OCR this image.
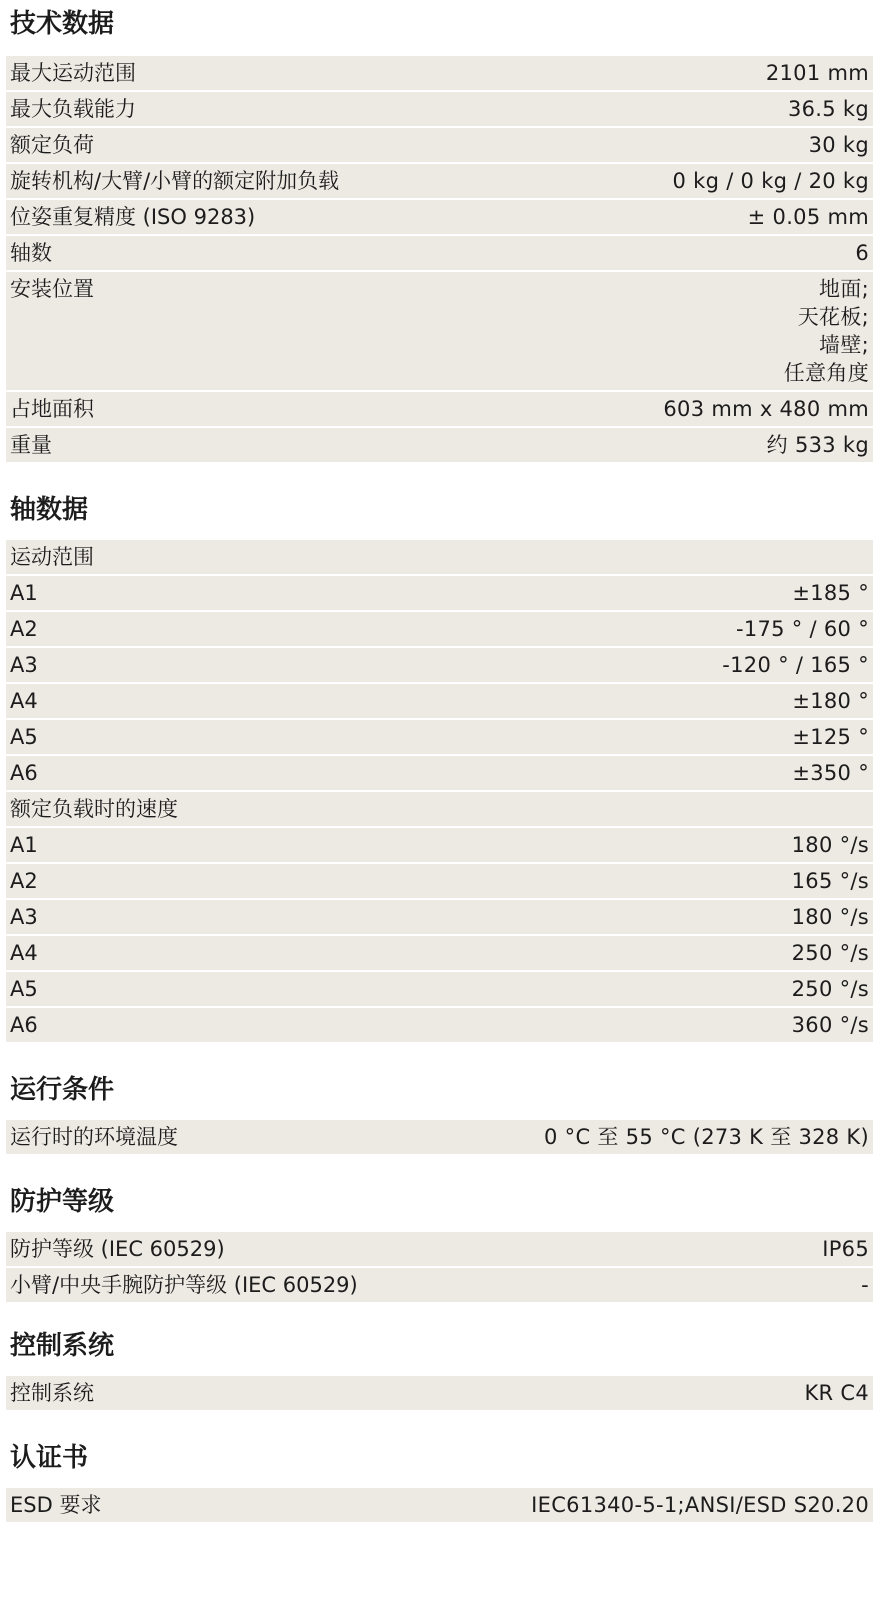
技术数据
最大运动范围	2101 mm
最大负载能力	36.5 kg
额定负荷	30 kg
旋转机构/大臂/小臂的额定附加负载	0 kg / 0 kg / 20 kg
位姿重复精度 (ISO 9283)	± 0.05 mm
轴数	6
安装位置	地面;
天花板;
墙壁;
任意角度
占地面积	603 mm x 480 mm
重量	约 533 kg
轴数据
运动范围
A1	±185 °
A2	-175 ° / 60 °
A3	-120 ° / 165 °
A4	±180 °
A5	±125 °
A6	±350 °
额定负载时的速度
A1	180 °/s
A2	165 °/s
A3	180 °/s
A4	250 °/s
A5	250 °/s
A6	360 °/s
运行条件
运行时的环境温度	0 °C 至 55 °C (273 K 至 328 K)
防护等级
防护等级 (IEC 60529)	IP65
小臂/中央手腕防护等级 (IEC 60529)	-
控制系统
控制系统	KR C4
认证书
ESD 要求	IEC61340-5-1;ANSI/ESD S20.20
